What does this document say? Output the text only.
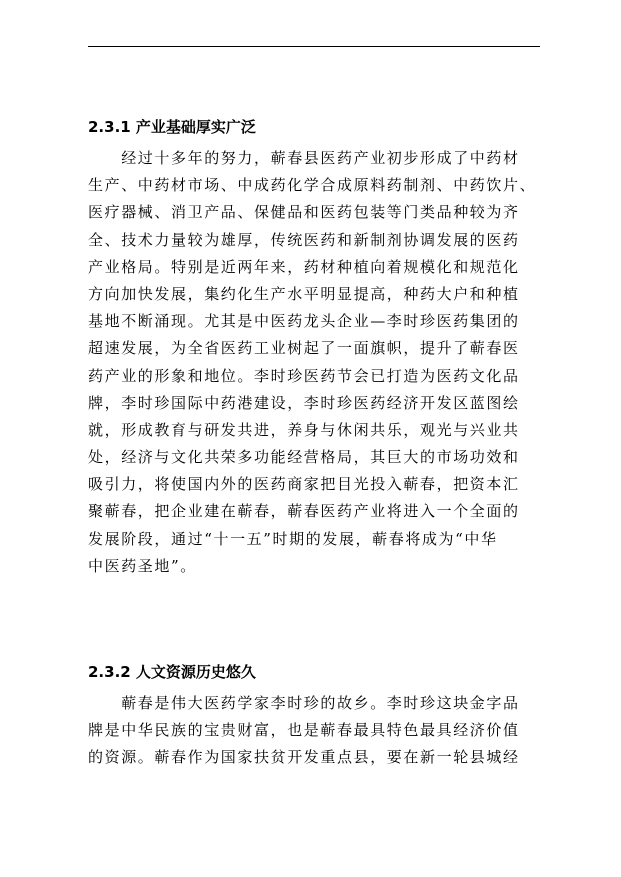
2.3.1 产业基础厚实广泛
　　经过十多年的努力，蕲春县医药产业初步形成了中药材
生产、中药材市场、中成药化学合成原料药制剂、中药饮片、
医疗器械、消卫产品、保健品和医药包装等门类品种较为齐
全、技术力量较为雄厚，传统医药和新制剂协调发展的医药
产业格局。特别是近两年来，药材种植向着规模化和规范化
方向加快发展，集约化生产水平明显提高，种药大户和种植
基地不断涌现。尤其是中医药龙头企业—李时珍医药集团的
超速发展，为全省医药工业树起了一面旗帜，提升了蕲春医
药产业的形象和地位。李时珍医药节会已打造为医药文化品
牌，李时珍国际中药港建设，李时珍医药经济开发区蓝图绘
就，形成教育与研发共进，养身与休闲共乐，观光与兴业共
处，经济与文化共荣多功能经营格局，其巨大的市场功效和
吸引力，将使国内外的医药商家把目光投入蕲春，把资本汇
聚蕲春，把企业建在蕲春，蕲春医药产业将进入一个全面的
发展阶段，通过“十一五”时期的发展，蕲春将成为“中华
中医药圣地”。
2.3.2 人文资源历史悠久
　　蕲春是伟大医药学家李时珍的故乡。李时珍这块金字品
牌是中华民族的宝贵财富，也是蕲春最具特色最具经济价值
的资源。蕲春作为国家扶贫开发重点县，要在新一轮县城经
